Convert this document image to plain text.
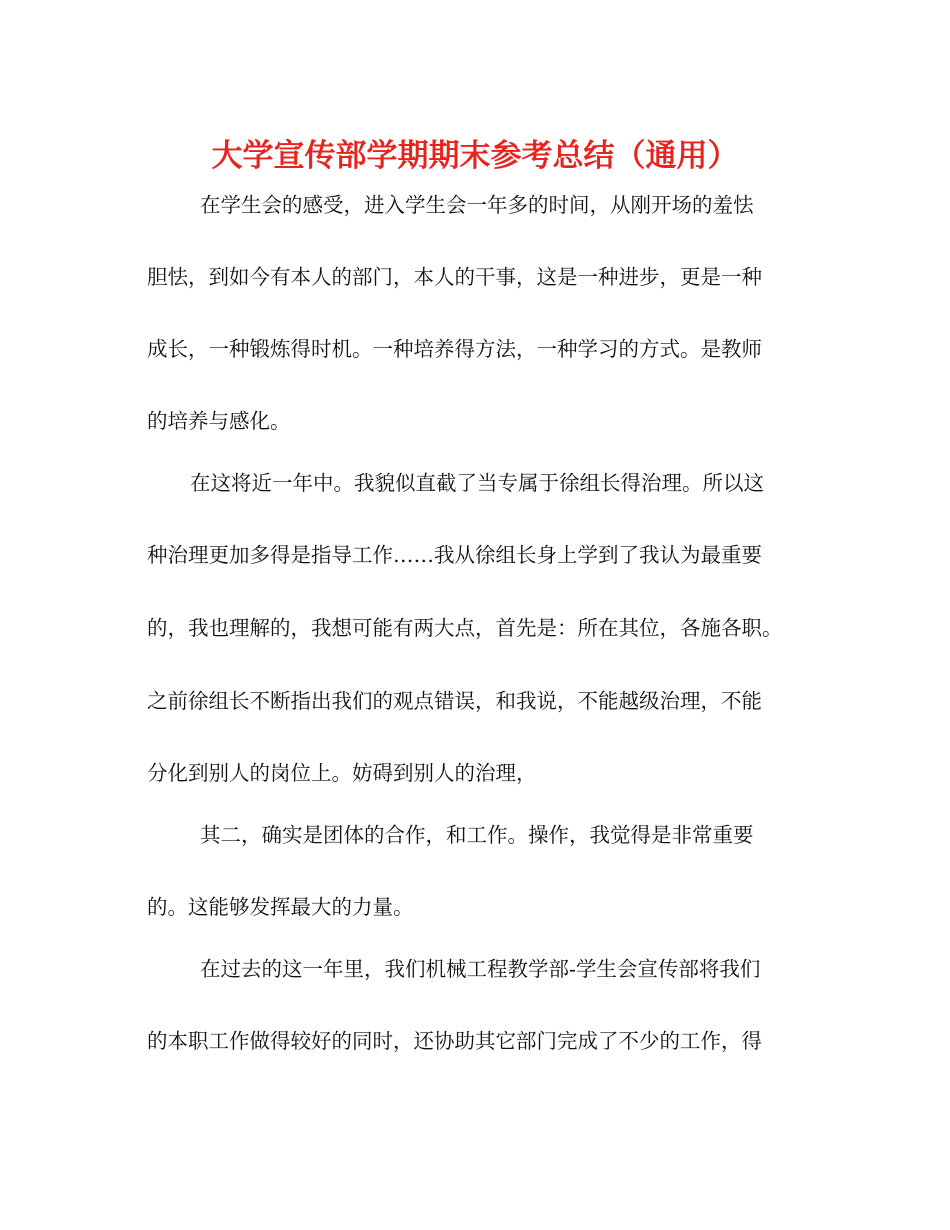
大学宣传部学期期末参考总结（通用）
在学生会的感受，进入学生会一年多的时间，从刚开场的羞怯
胆怯，到如今有本人的部门，本人的干事，这是一种进步，更是一种
成长，一种锻炼得时机。一种培养得方法，一种学习的方式。是教师
的培养与感化。
在这将近一年中。我貌似直截了当专属于徐组长得治理。所以这
种治理更加多得是指导工作……我从徐组长身上学到了我认为最重要
的，我也理解的，我想可能有两大点，首先是：所在其位，各施各职。
之前徐组长不断指出我们的观点错误，和我说，不能越级治理，不能
分化到别人的岗位上。妨碍到别人的治理，
其二，确实是团体的合作，和工作。操作，我觉得是非常重要
的。这能够发挥最大的力量。
在过去的这一年里，我们机械工程教学部-学生会宣传部将我们
的本职工作做得较好的同时，还协助其它部门完成了不少的工作，得
